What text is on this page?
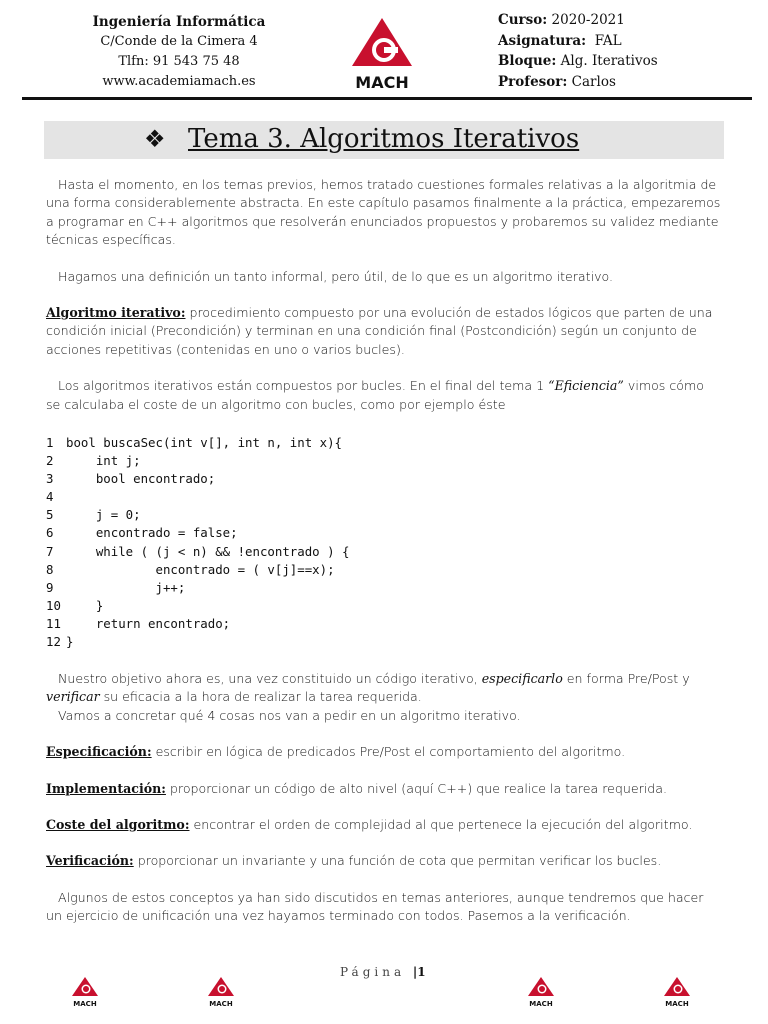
Ingeniería Informática
C/Conde de la Cimera 4
Tlfn: 91 543 75 48
www.academiamach.es	MACH
Curso: 2020-2021
Asignatura:  FAL
Bloque: Alg. Iterativos
Profesor: Carlos
❖ Tema 3. Algoritmos Iterativos

Hasta el momento, en los temas previos, hemos tratado cuestiones formales relativas a la algoritmia de una forma considerablemente abstracta. En este capítulo pasamos finalmente a la práctica, empezaremos a programar en C++ algoritmos que resolverán enunciados propuestos y probaremos su validez mediante técnicas específicas.

Hagamos una definición un tanto informal, pero útil, de lo que es un algoritmo iterativo.

Algoritmo iterativo: procedimiento compuesto por una evolución de estados lógicos que parten de una condición inicial (Precondición) y terminan en una condición final (Postcondición) según un conjunto de acciones repetitivas (contenidas en uno o varios bucles).

Los algoritmos iterativos están compuestos por bucles. En el final del tema 1 “Eficiencia” vimos cómo se calculaba el coste de un algoritmo con bucles, como por ejemplo éste

1 bool buscaSec(int v[], int n, int x){
2    int j;
3    bool encontrado;
4
5    j = 0;
6    encontrado = false;
7    while ( (j < n) && !encontrado ) {
8            encontrado = ( v[j]==x);
9            j++;
10    }
11    return encontrado;
12 }

Nuestro objetivo ahora es, una vez constituido un código iterativo, especificarlo en forma Pre/Post y verificar su eficacia a la hora de realizar la tarea requerida.

Vamos a concretar qué 4 cosas nos van a pedir en un algoritmo iterativo.

Especificación: escribir en lógica de predicados Pre/Post el comportamiento del algoritmo.

Implementación: proporcionar un código de alto nivel (aquí C++) que realice la tarea requerida.

Coste del algoritmo: encontrar el orden de complejidad al que pertenece la ejecución del algoritmo.

Verificación: proporcionar un invariante y una función de cota que permitan verificar los bucles.

Algunos de estos conceptos ya han sido discutidos en temas anteriores, aunque tendremos que hacer un ejercicio de unificación una vez hayamos terminado con todos. Pasemos a la verificación.

Página |1
MACH	MACH	MACH	MACH
